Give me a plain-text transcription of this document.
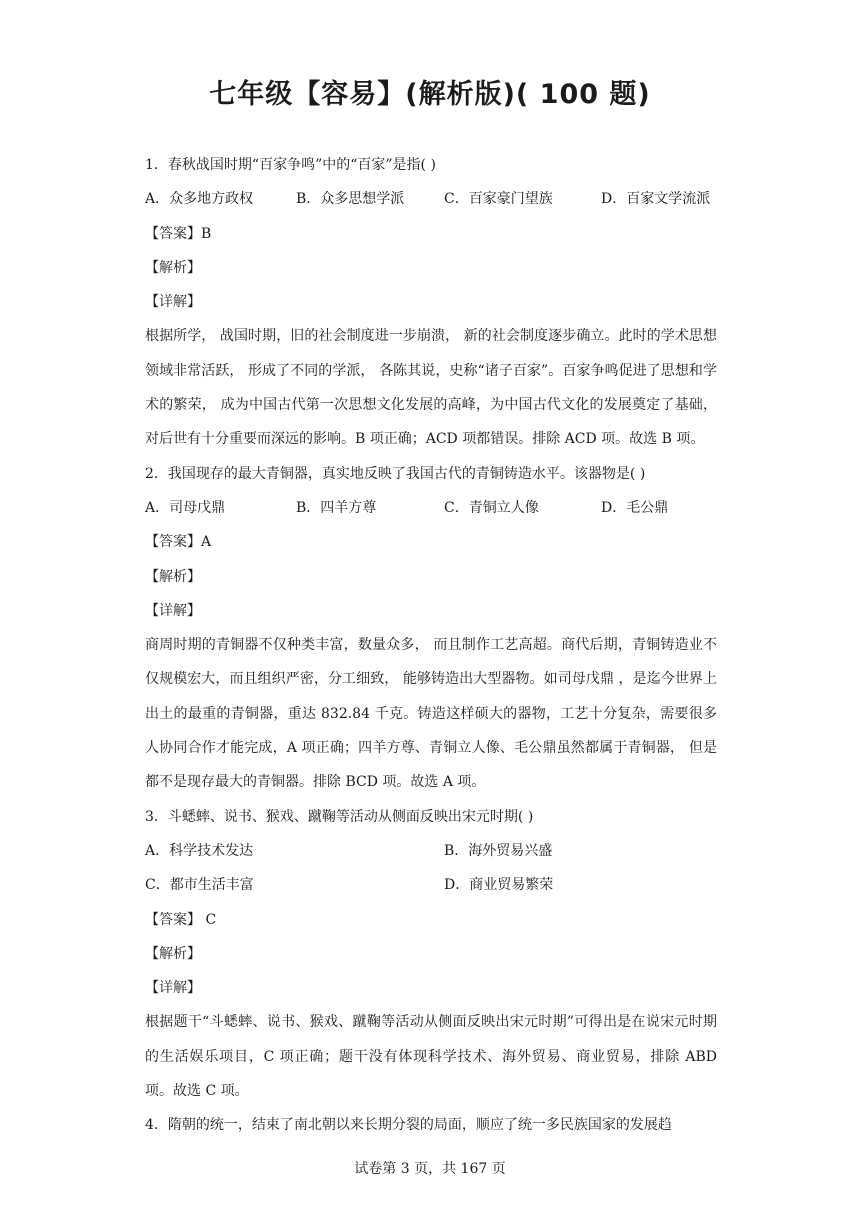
七年级【容易】(解析版)( 100 题)
1．春秋战国时期“百家争鸣”中的“百家”是指( )
A．众多地方政权	B．众多思想学派	C．百家豪门望族	D．百家文学流派
【答案】B
【解析】
【详解】
根据所学， 战国时期，旧的社会制度进一步崩溃， 新的社会制度逐步确立。此时的学术思想领域非常活跃， 形成了不同的学派， 各陈其说，史称“诸子百家”。百家争鸣促进了思想和学术的繁荣， 成为中国古代第一次思想文化发展的高峰，为中国古代文化的发展奠定了基础，对后世有十分重要而深远的影响。B 项正确；ACD 项都错误。排除 ACD 项。故选 B 项。
2．我国现存的最大青铜器，真实地反映了我国古代的青铜铸造水平。该器物是( )
A．司母戊鼎	B．四羊方尊	C．青铜立人像	D．毛公鼎
【答案】A
【解析】
【详解】
商周时期的青铜器不仅种类丰富，数量众多， 而且制作工艺高超。商代后期，青铜铸造业不仅规模宏大，而且组织严密，分工细致， 能够铸造出大型器物。如司母戊鼎 ，是迄今世界上出土的最重的青铜器，重达 832.84 千克。铸造这样硕大的器物，工艺十分复杂，需要很多人协同合作才能完成，A 项正确；四羊方尊、青铜立人像、毛公鼎虽然都属于青铜器， 但是都不是现存最大的青铜器。排除 BCD 项。故选 A 项。
3．斗蟋蟀、说书、猴戏、蹴鞠等活动从侧面反映出宋元时期( )
A．科学技术发达	B．海外贸易兴盛
C．都市生活丰富	D．商业贸易繁荣
【答案】 C
【解析】
【详解】
根据题干“斗蟋蟀、说书、猴戏、蹴鞠等活动从侧面反映出宋元时期”可得出是在说宋元时期的生活娱乐项目，C 项正确；题干没有体现科学技术、海外贸易、商业贸易，排除 ABD 项。故选 C 项。
4．隋朝的统一，结束了南北朝以来长期分裂的局面，顺应了统一多民族国家的发展趋
试卷第 3 页，共 167 页
